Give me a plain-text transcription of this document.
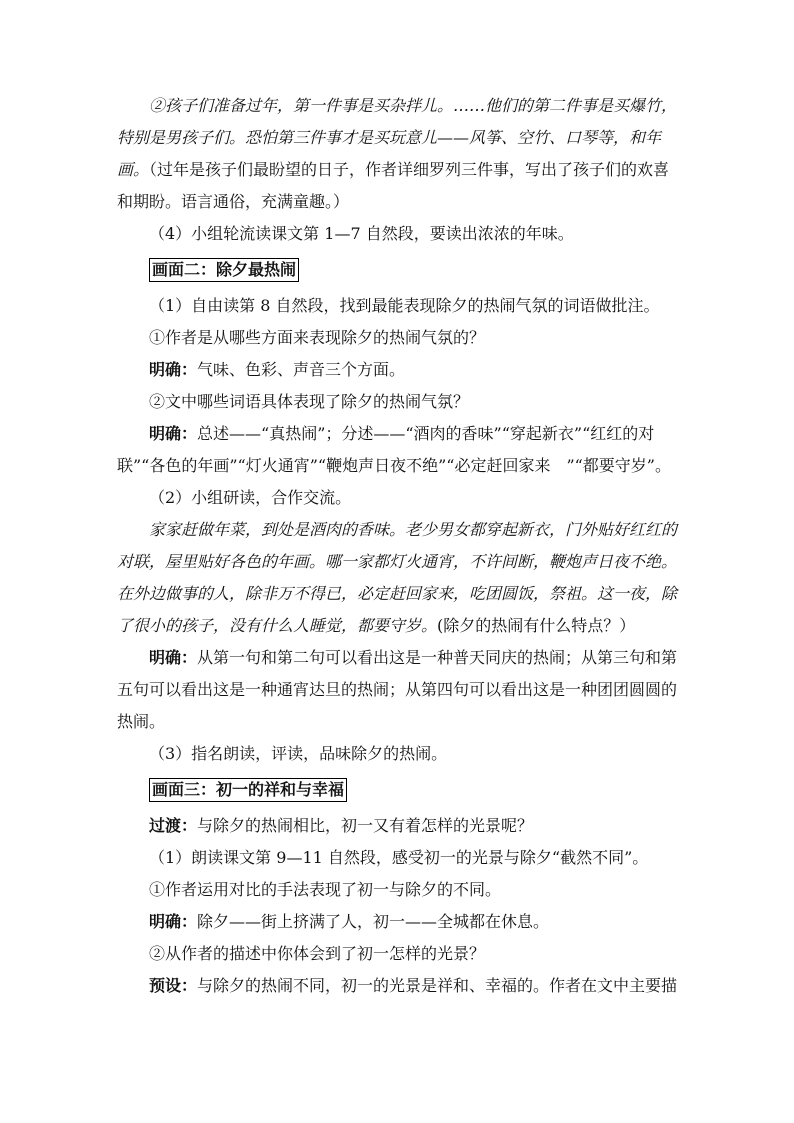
②孩子们准备过年，第一件事是买杂拌儿。……他们的第二件事是买爆竹，特别是男孩子们。恐怕第三件事才是买玩意儿——风筝、空竹、口琴等，和年画。（过年是孩子们最盼望的日子，作者详细罗列三件事，写出了孩子们的欢喜和期盼。语言通俗，充满童趣。）

（4）小组轮流读课文第 1—7 自然段，要读出浓浓的年味。

画面二：除夕最热闹

（1）自由读第 8 自然段，找到最能表现除夕的热闹气氛的词语做批注。

①作者是从哪些方面来表现除夕的热闹气氛的？

明确：气味、色彩、声音三个方面。

②文中哪些词语具体表现了除夕的热闹气氛？

明确：总述——“真热闹”；分述——“酒肉的香味”“穿起新衣”“红红的对联”“各色的年画”“灯火通宵”“鞭炮声日夜不绝”“必定赶回家来　”“都要守岁”。

（2）小组研读，合作交流。

家家赶做年菜，到处是酒肉的香味。老少男女都穿起新衣，门外贴好红红的对联，屋里贴好各色的年画。哪一家都灯火通宵，不许间断，鞭炮声日夜不绝。在外边做事的人，除非万不得已，必定赶回家来，吃团圆饭，祭祖。这一夜，除了很小的孩子，没有什么人睡觉，都要守岁。(除夕的热闹有什么特点？）

明确：从第一句和第二句可以看出这是一种普天同庆的热闹；从第三句和第五句可以看出这是一种通宵达旦的热闹；从第四句可以看出这是一种团团圆圆的热闹。

（3）指名朗读，评读，品味除夕的热闹。

画面三：初一的祥和与幸福

过渡：与除夕的热闹相比，初一又有着怎样的光景呢？

（1）朗读课文第 9—11 自然段，感受初一的光景与除夕“截然不同”。

①作者运用对比的手法表现了初一与除夕的不同。

明确：除夕——街上挤满了人，初一——全城都在休息。

②从作者的描述中你体会到了初一怎样的光景？

预设：与除夕的热闹不同，初一的光景是祥和、幸福的。作者在文中主要描
